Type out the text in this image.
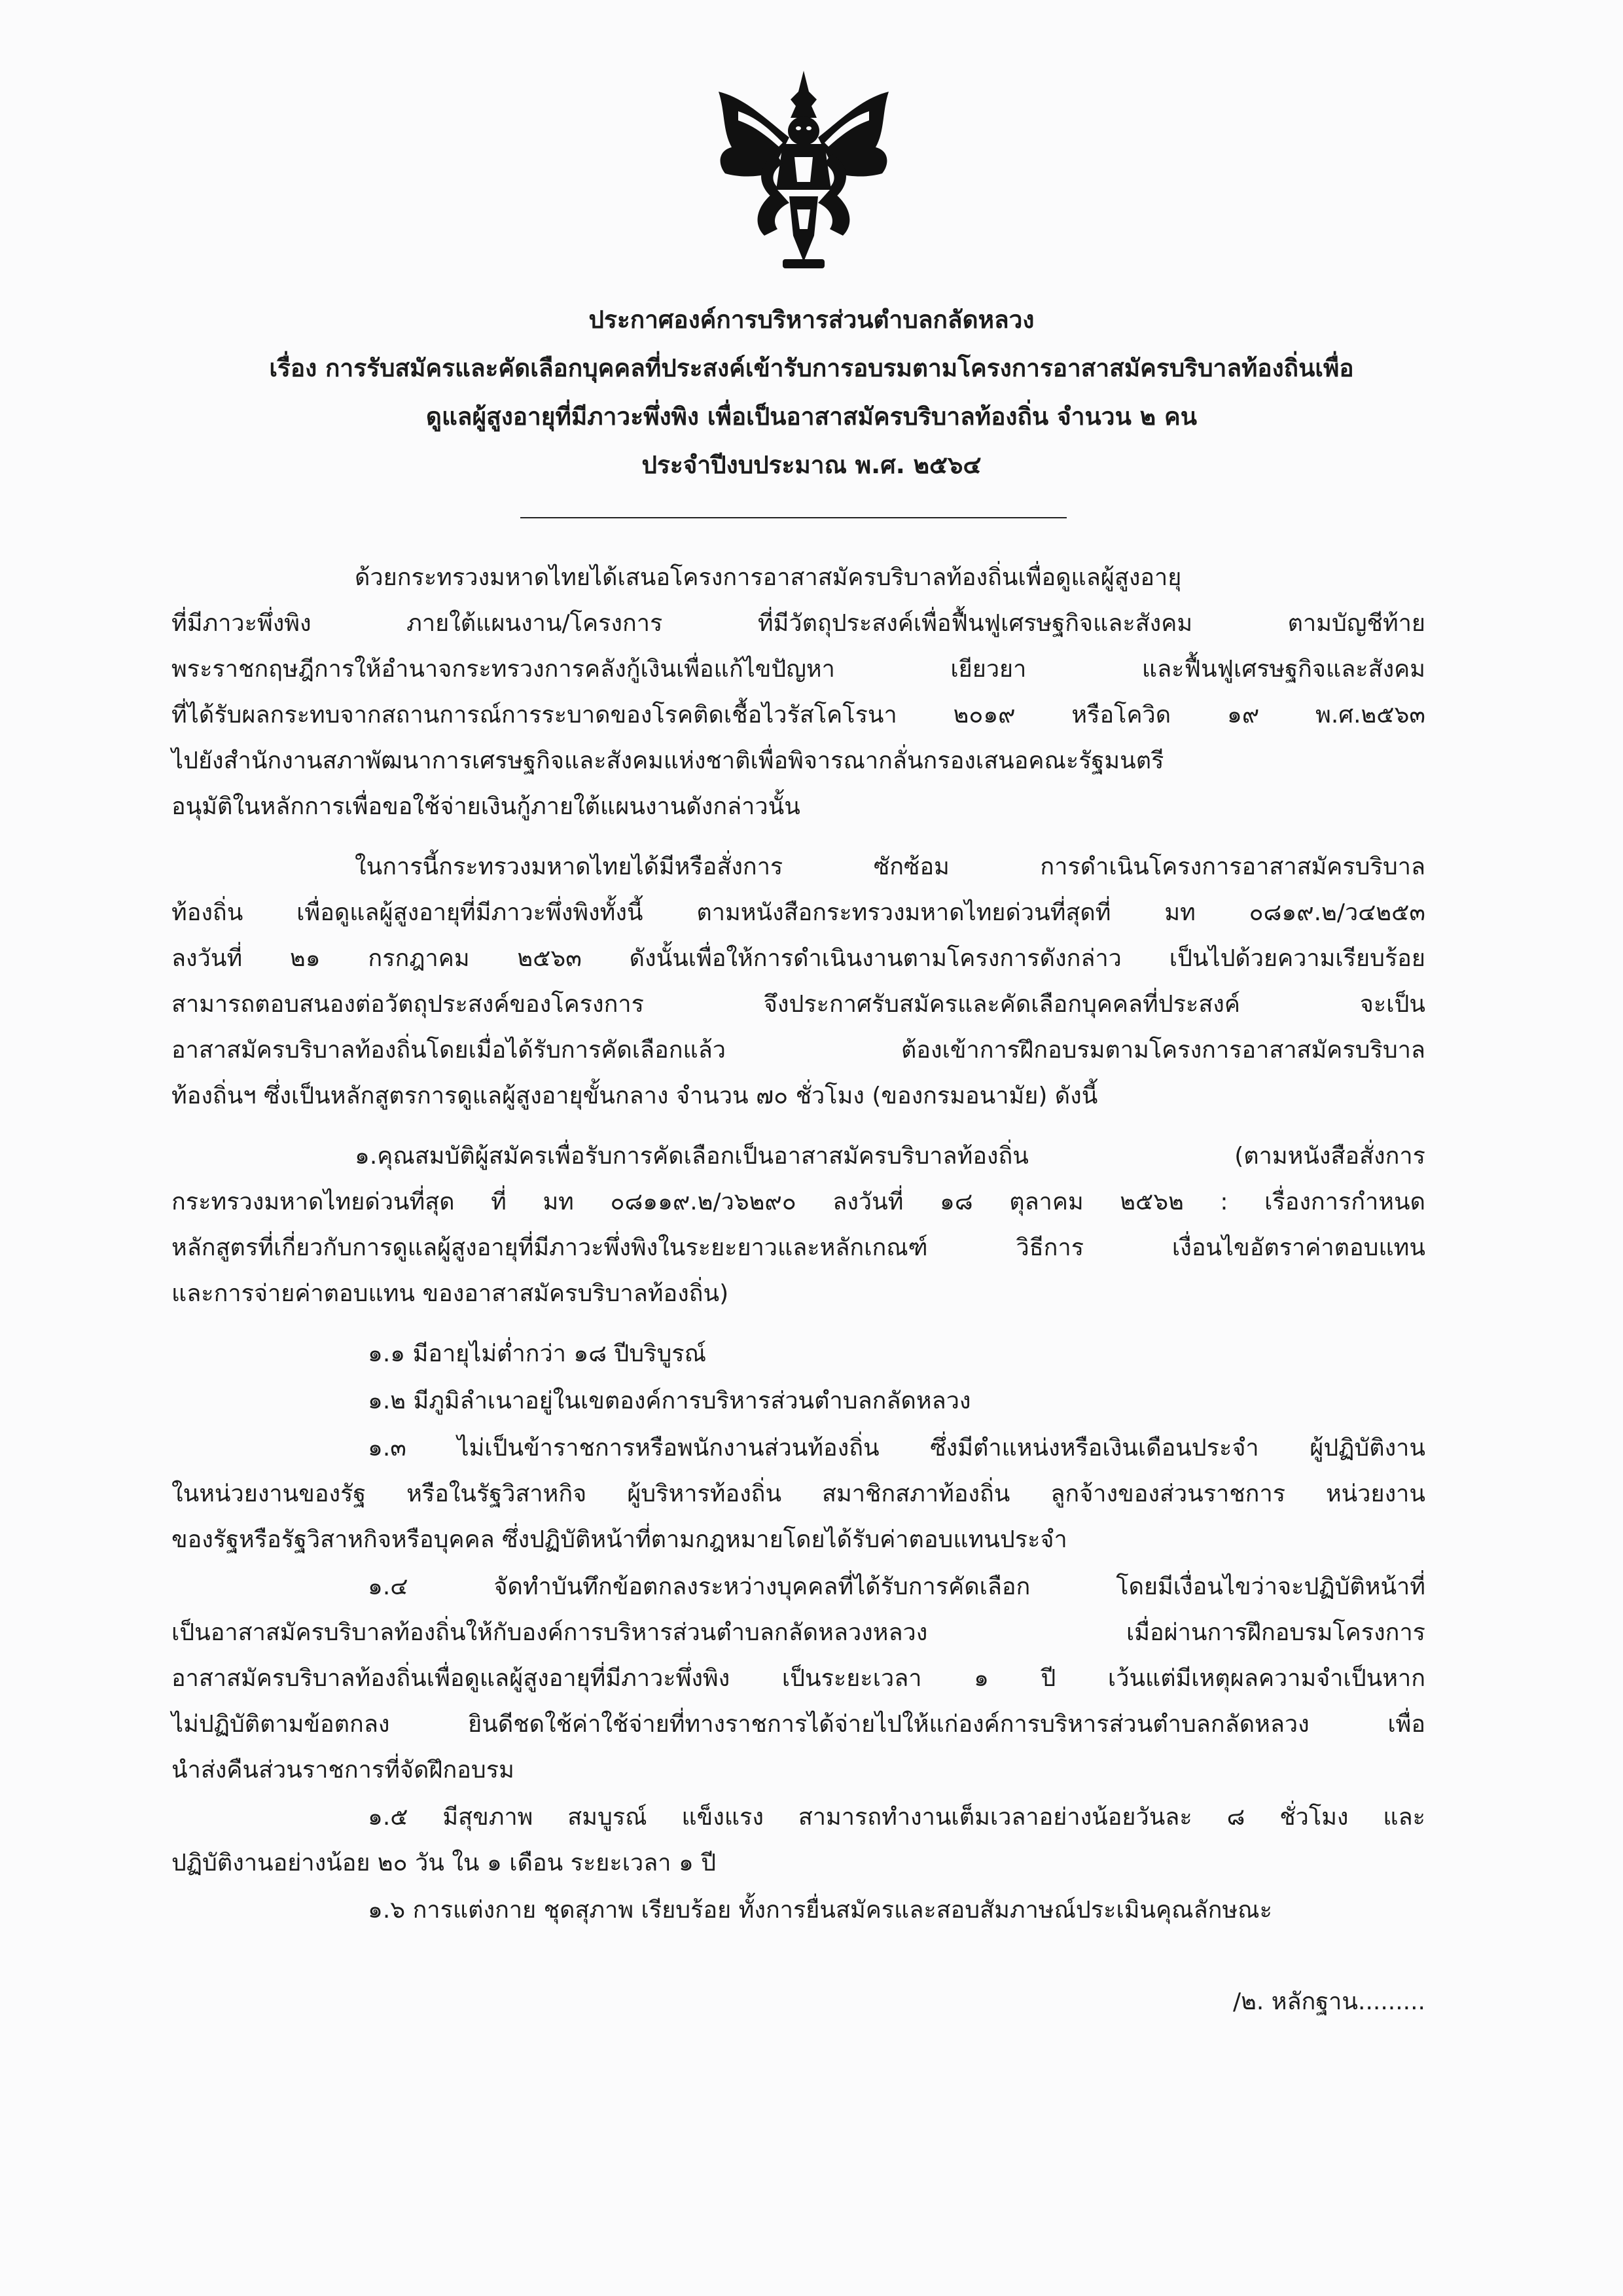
ประกาศองค์การบริหารส่วนตำบลกลัดหลวง
เรื่อง การรับสมัครและคัดเลือกบุคคลที่ประสงค์เข้ารับการอบรมตามโครงการอาสาสมัครบริบาลท้องถิ่นเพื่อ
ดูแลผู้สูงอายุที่มีภาวะพึ่งพิง เพื่อเป็นอาสาสมัครบริบาลท้องถิ่น จำนวน ๒ คน
ประจำปีงบประมาณ พ.ศ. ๒๕๖๔
ด้วยกระทรวงมหาดไทยได้เสนอโครงการอาสาสมัครบริบาลท้องถิ่นเพื่อดูแลผู้สูงอายุ
ที่มีภาวะพึ่งพิง ภายใต้แผนงาน/โครงการ ที่มีวัตถุประสงค์เพื่อฟื้นฟูเศรษฐกิจและสังคม ตามบัญชีท้าย
พระราชกฤษฎีการให้อำนาจกระทรวงการคลังกู้เงินเพื่อแก้ไขปัญหา เยียวยา และฟื้นฟูเศรษฐกิจและสังคม
ที่ได้รับผลกระทบจากสถานการณ์การระบาดของโรคติดเชื้อไวรัสโคโรนา ๒๐๑๙ หรือโควิด ๑๙ พ.ศ.๒๕๖๓
ไปยังสำนักงานสภาพัฒนาการเศรษฐกิจและสังคมแห่งชาติเพื่อพิจารณากลั่นกรองเสนอคณะรัฐมนตรี
อนุมัติในหลักการเพื่อขอใช้จ่ายเงินกู้ภายใต้แผนงานดังกล่าวนั้น
ในการนี้กระทรวงมหาดไทยได้มีหรือสั่งการ ซักซ้อม การดำเนินโครงการอาสาสมัครบริบาล
ท้องถิ่น เพื่อดูแลผู้สูงอายุที่มีภาวะพึ่งพิงทั้งนี้ ตามหนังสือกระทรวงมหาดไทยด่วนที่สุดที่ มท ๐๘๑๙.๒/ว๔๒๕๓
ลงวันที่ ๒๑ กรกฎาคม ๒๕๖๓ ดังนั้นเพื่อให้การดำเนินงานตามโครงการดังกล่าว เป็นไปด้วยความเรียบร้อย
สามารถตอบสนองต่อวัตถุประสงค์ของโครงการ จึงประกาศรับสมัครและคัดเลือกบุคคลที่ประสงค์ จะเป็น
อาสาสมัครบริบาลท้องถิ่นโดยเมื่อได้รับการคัดเลือกแล้ว ต้องเข้าการฝึกอบรมตามโครงการอาสาสมัครบริบาล
ท้องถิ่นฯ ซึ่งเป็นหลักสูตรการดูแลผู้สูงอายุขั้นกลาง จำนวน ๗๐ ชั่วโมง (ของกรมอนามัย) ดังนี้
๑.คุณสมบัติผู้สมัครเพื่อรับการคัดเลือกเป็นอาสาสมัครบริบาลท้องถิ่น (ตามหนังสือสั่งการ
กระทรวงมหาดไทยด่วนที่สุด ที่ มท ๐๘๑๑๙.๒/ว๖๒๙๐ ลงวันที่ ๑๘ ตุลาคม ๒๕๖๒ : เรื่องการกำหนด
หลักสูตรที่เกี่ยวกับการดูแลผู้สูงอายุที่มีภาวะพึ่งพิงในระยะยาวและหลักเกณฑ์ วิธีการ เงื่อนไขอัตราค่าตอบแทน
และการจ่ายค่าตอบแทน ของอาสาสมัครบริบาลท้องถิ่น)
๑.๑ มีอายุไม่ต่ำกว่า ๑๘ ปีบริบูรณ์
๑.๒ มีภูมิลำเนาอยู่ในเขตองค์การบริหารส่วนตำบลกลัดหลวง
๑.๓ ไม่เป็นข้าราชการหรือพนักงานส่วนท้องถิ่น ซึ่งมีตำแหน่งหรือเงินเดือนประจำ ผู้ปฏิบัติงาน
ในหน่วยงานของรัฐ หรือในรัฐวิสาหกิจ ผู้บริหารท้องถิ่น สมาชิกสภาท้องถิ่น ลูกจ้างของส่วนราชการ หน่วยงาน
ของรัฐหรือรัฐวิสาหกิจหรือบุคคล ซึ่งปฏิบัติหน้าที่ตามกฎหมายโดยได้รับค่าตอบแทนประจำ
๑.๔ จัดทำบันทึกข้อตกลงระหว่างบุคคลที่ได้รับการคัดเลือก โดยมีเงื่อนไขว่าจะปฏิบัติหน้าที่
เป็นอาสาสมัครบริบาลท้องถิ่นให้กับองค์การบริหารส่วนตำบลกลัดหลวงหลวง เมื่อผ่านการฝึกอบรมโครงการ
อาสาสมัครบริบาลท้องถิ่นเพื่อดูแลผู้สูงอายุที่มีภาวะพึ่งพิง เป็นระยะเวลา ๑ ปี เว้นแต่มีเหตุผลความจำเป็นหาก
ไม่ปฏิบัติตามข้อตกลง ยินดีชดใช้ค่าใช้จ่ายที่ทางราชการได้จ่ายไปให้แก่องค์การบริหารส่วนตำบลกลัดหลวง เพื่อ
นำส่งคืนส่วนราชการที่จัดฝึกอบรม
๑.๕ มีสุขภาพ สมบูรณ์ แข็งแรง สามารถทำงานเต็มเวลาอย่างน้อยวันละ ๘ ชั่วโมง และ
ปฏิบัติงานอย่างน้อย ๒๐ วัน ใน ๑ เดือน ระยะเวลา ๑ ปี
๑.๖ การแต่งกาย ชุดสุภาพ เรียบร้อย ทั้งการยื่นสมัครและสอบสัมภาษณ์ประเมินคุณลักษณะ
/๒. หลักฐาน.........
